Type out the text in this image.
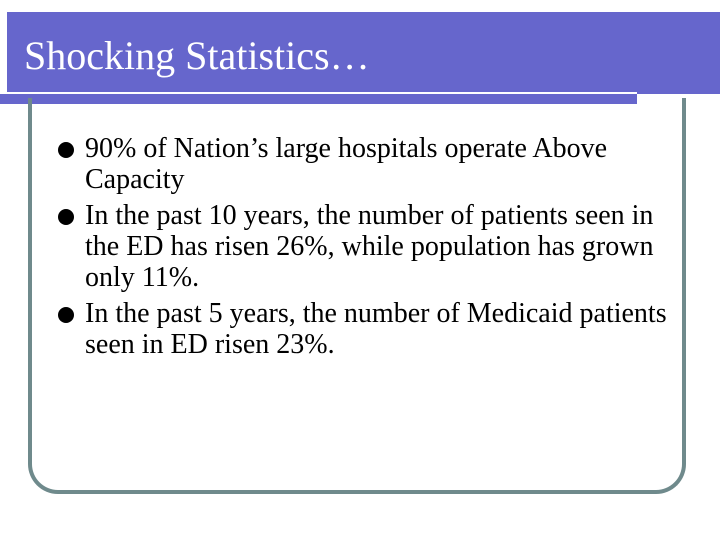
Shocking Statistics…
90% of Nation’s large hospitals operate Above Capacity
In the past 10 years, the number of patients seen in the ED has risen 26%, while population has grown only 11%.
In the past 5 years, the number of Medicaid patients seen in ED risen 23%.
